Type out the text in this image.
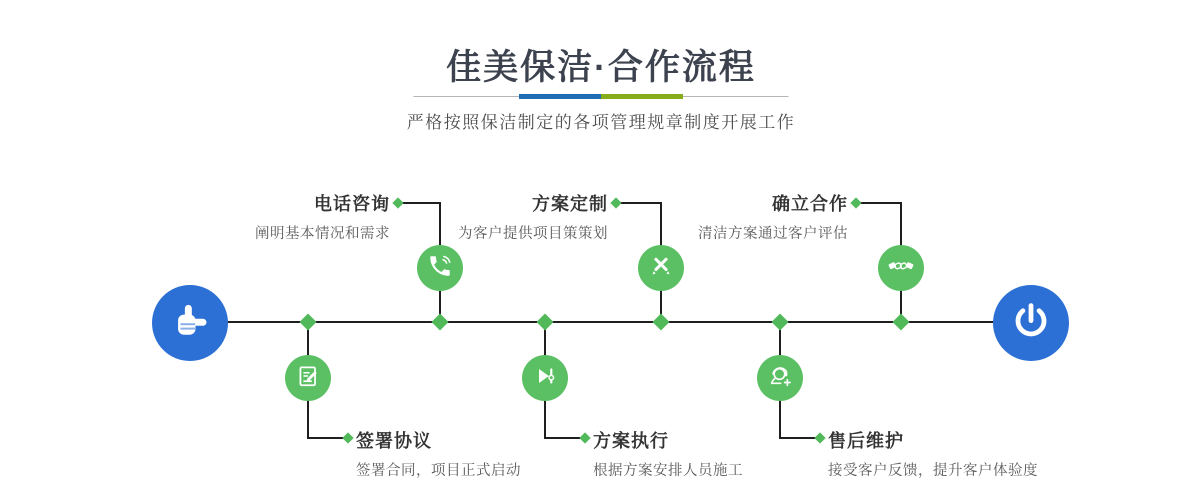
佳美保洁·合作流程
严格按照保洁制定的各项管理规章制度开展工作
电话咨询
阐明基本情况和需求
签署协议
签署合同，项目正式启动
方案定制
为客户提供项目策策划
方案执行
根据方案安排人员施工
确立合作
清洁方案通过客户评估
售后维护
接受客户反馈，提升客户体验度
